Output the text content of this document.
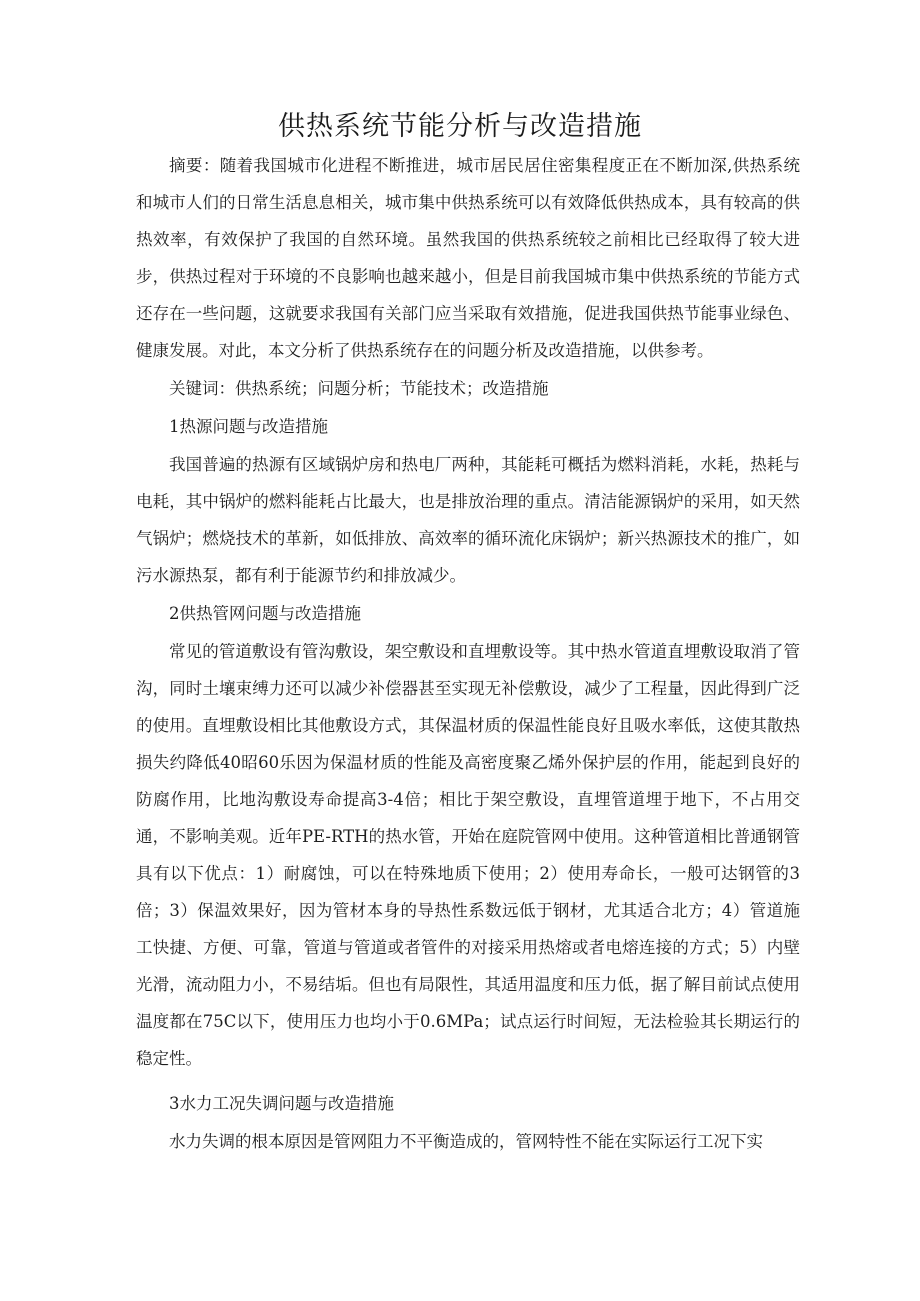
供热系统节能分析与改造措施

摘要：随着我国城市化进程不断推进，城市居民居住密集程度正在不断加深,供热系统和城市人们的日常生活息息相关，城市集中供热系统可以有效降低供热成本，具有较高的供热效率，有效保护了我国的自然环境。虽然我国的供热系统较之前相比已经取得了较大进步，供热过程对于环境的不良影响也越来越小，但是目前我国城市集中供热系统的节能方式还存在一些问题，这就要求我国有关部门应当采取有效措施，促进我国供热节能事业绿色、健康发展。对此，本文分析了供热系统存在的问题分析及改造措施，以供参考。

关键词：供热系统；问题分析；节能技术；改造措施

1热源问题与改造措施

我国普遍的热源有区域锅炉房和热电厂两种，其能耗可概括为燃料消耗，水耗，热耗与电耗，其中锅炉的燃料能耗占比最大，也是排放治理的重点。清洁能源锅炉的采用，如天然气锅炉；燃烧技术的革新，如低排放、高效率的循环流化床锅炉；新兴热源技术的推广，如污水源热泵，都有利于能源节约和排放减少。

2供热管网问题与改造措施

常见的管道敷设有管沟敷设，架空敷设和直埋敷设等。其中热水管道直埋敷设取消了管沟，同时土壤束缚力还可以减少补偿器甚至实现无补偿敷设，减少了工程量，因此得到广泛的使用。直埋敷设相比其他敷设方式，其保温材质的保温性能良好且吸水率低，这使其散热损失约降低40昭60乐因为保温材质的性能及高密度聚乙烯外保护层的作用，能起到良好的防腐作用，比地沟敷设寿命提高3-4倍；相比于架空敷设，直埋管道埋于地下，不占用交通，不影响美观。近年PE-RTH的热水管，开始在庭院管网中使用。这种管道相比普通钢管具有以下优点：1）耐腐蚀，可以在特殊地质下使用；2）使用寿命长，一般可达钢管的3倍；3）保温效果好，因为管材本身的导热性系数远低于钢材，尤其适合北方；4）管道施工快捷、方便、可靠，管道与管道或者管件的对接采用热熔或者电熔连接的方式；5）内壁光滑，流动阻力小，不易结垢。但也有局限性，其适用温度和压力低，据了解目前试点使用温度都在75C以下，使用压力也均小于0.6MPa；试点运行时间短，无法检验其长期运行的稳定性。

3水力工况失调问题与改造措施

水力失调的根本原因是管网阻力不平衡造成的，管网特性不能在实际运行工况下实
